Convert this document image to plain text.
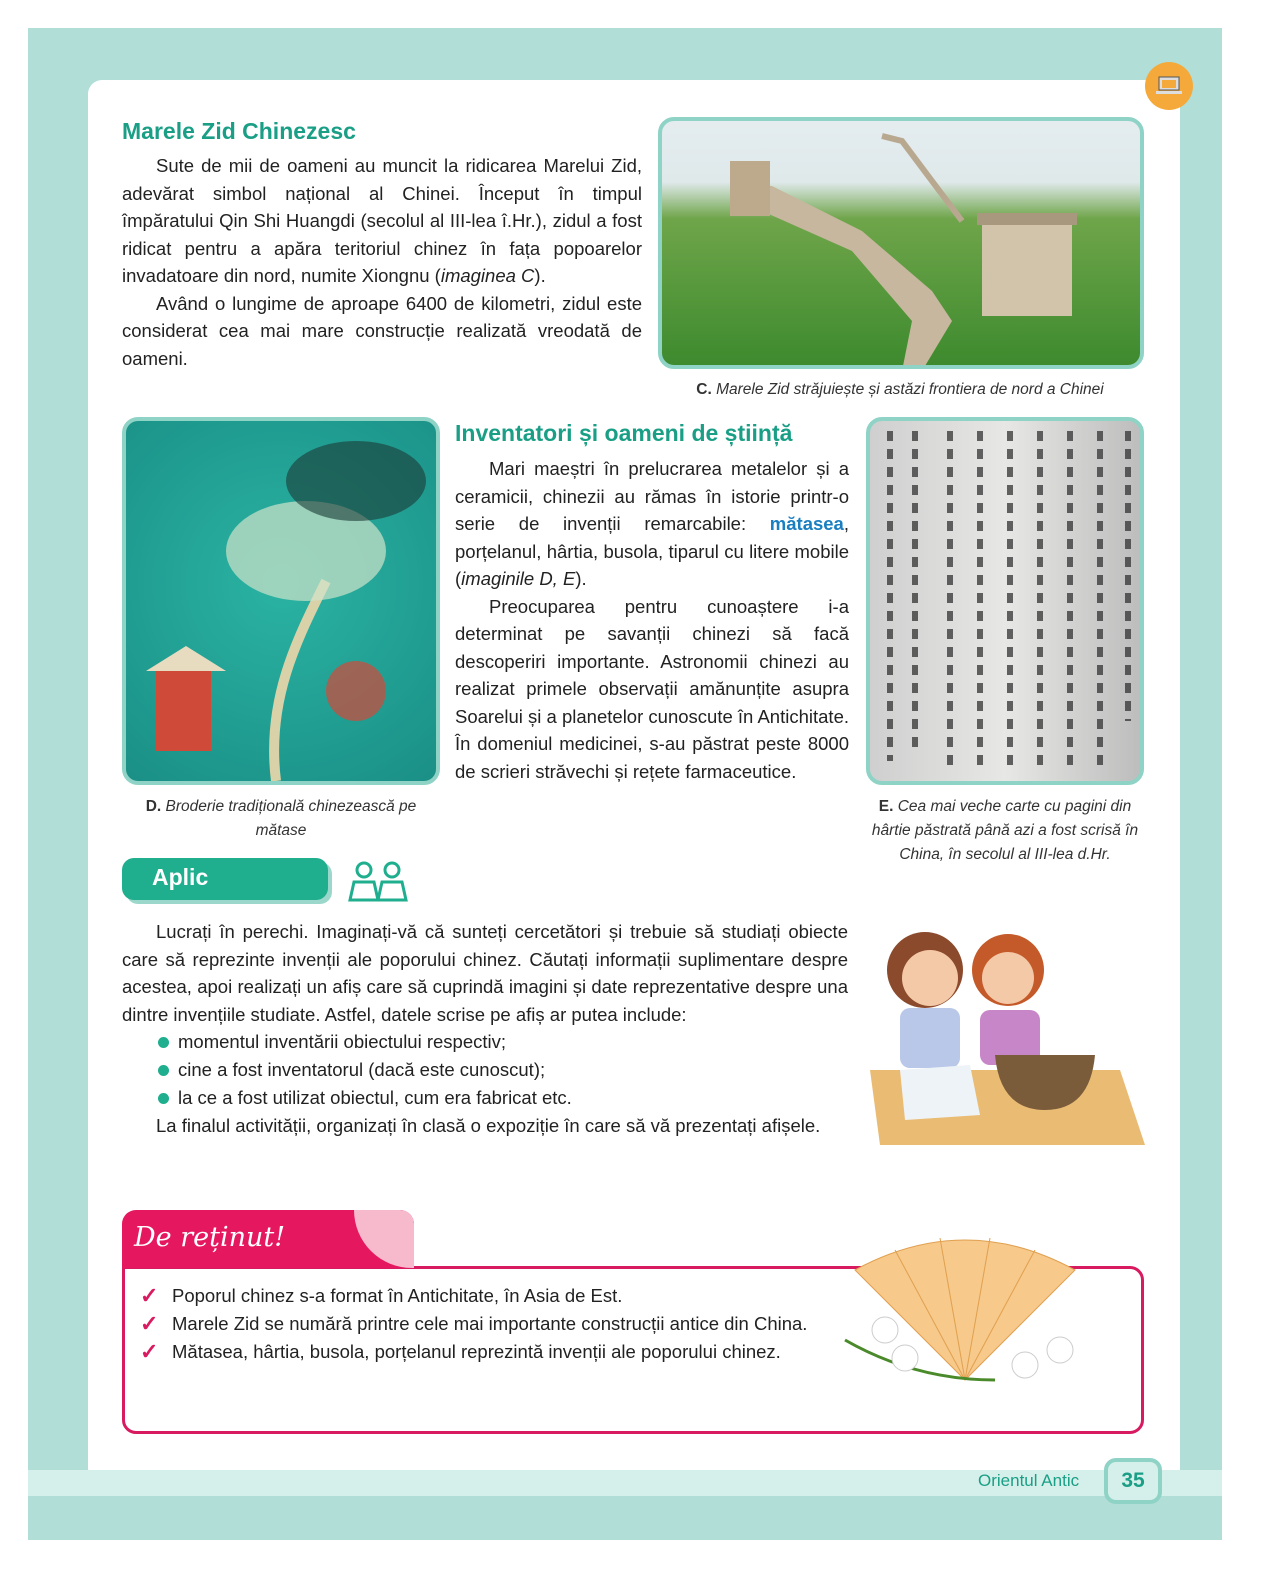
Marele Zid Chinezesc

Sute de mii de oameni au muncit la ridicarea Marelui Zid, adevărat simbol național al Chinei. Început în timpul împăratului Qin Shi Huangdi (secolul al III-lea î.Hr.), zidul a fost ridicat pentru a apăra teritoriul chinez în fața popoarelor invadatoare din nord, numite Xiongnu (imaginea C).

Având o lungime de aproape 6400 de kilometri, zidul este considerat cea mai mare construcție realizată vreodată de oameni.

C. Marele Zid străjuiește și astăzi frontiera de nord a Chinei
D. Broderie tradițională chinezească pe mătase
Inventatori și oameni de știință

Mari maeștri în prelucrarea metalelor și a ceramicii, chinezii au rămas în istorie printr-o serie de invenții remarcabile: mătasea, porțelanul, hârtia, busola, tiparul cu litere mobile (imaginile D, E).

Preocuparea pentru cunoaștere i-a determinat pe savanții chinezi să facă descoperiri importante. Astronomii chinezi au realizat primele observații amănunțite asupra Soarelui și a planetelor cunoscute în Antichitate. În domeniul medicinei, s-au păstrat peste 8000 de scrieri străvechi și rețete farmaceutice.

E. Cea mai veche carte cu pagini din hârtie păstrată până azi a fost scrisă în China, în secolul al III-lea d.Hr.
Aplic

Lucrați în perechi. Imaginați-vă că sunteți cercetători și trebuie să studiați obiecte care să reprezinte invenții ale poporului chinez. Căutați informații suplimentare despre acestea, apoi realizați un afiș care să cuprindă imagini și date reprezentative despre una dintre invențiile studiate. Astfel, datele scrise pe afiș ar putea include:

momentul inventării obiectului respectiv;
cine a fost inventatorul (dacă este cunoscut);
la ce a fost utilizat obiectul, cum era fabricat etc.

La finalul activității, organizați în clasă o expoziție în care să vă prezentați afișele.

De reținut!
✓ Poporul chinez s-a format în Antichitate, în Asia de Est.
✓ Marele Zid se numără printre cele mai importante construcții antice din China.
✓ Mătasea, hârtia, busola, porțelanul reprezintă invenții ale poporului chinez.
Orientul Antic	35
